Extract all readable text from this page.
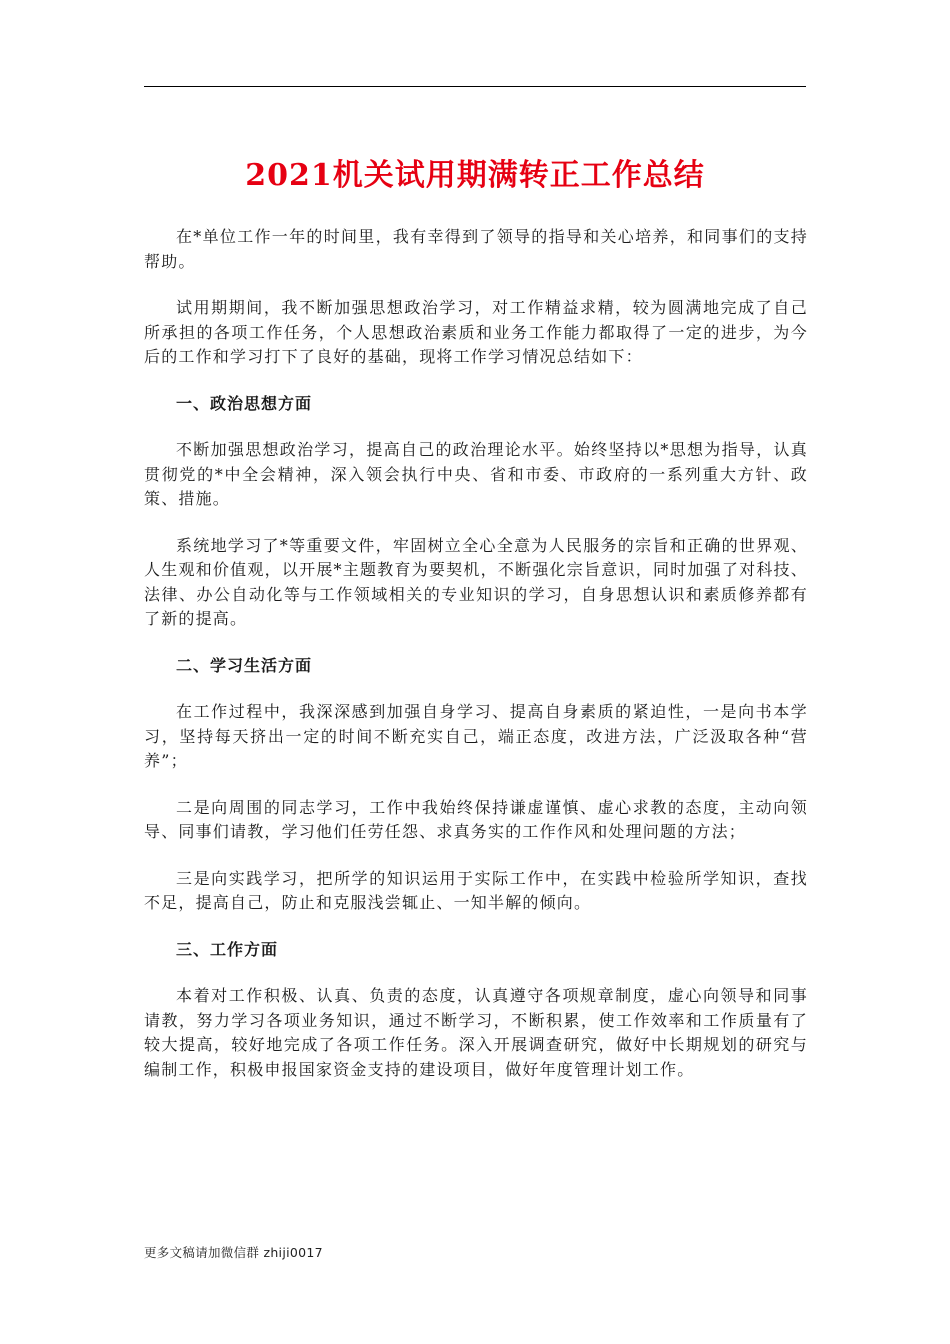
2021机关试用期满转正工作总结

在*单位工作一年的时间里，我有幸得到了领导的指导和关心培养，和同事们的支持帮助。

试用期期间，我不断加强思想政治学习，对工作精益求精，较为圆满地完成了自己所承担的各项工作任务，个人思想政治素质和业务工作能力都取得了一定的进步，为今后的工作和学习打下了良好的基础，现将工作学习情况总结如下：

一、政治思想方面

不断加强思想政治学习，提高自己的政治理论水平。始终坚持以*思想为指导，认真贯彻党的*中全会精神，深入领会执行中央、省和市委、市政府的一系列重大方针、政策、措施。

系统地学习了*等重要文件，牢固树立全心全意为人民服务的宗旨和正确的世界观、人生观和价值观，以开展*主题教育为要契机，不断强化宗旨意识，同时加强了对科技、法律、办公自动化等与工作领域相关的专业知识的学习，自身思想认识和素质修养都有了新的提高。

二、学习生活方面

在工作过程中，我深深感到加强自身学习、提高自身素质的紧迫性，一是向书本学习，坚持每天挤出一定的时间不断充实自己，端正态度，改进方法，广泛汲取各种“营养”；

二是向周围的同志学习，工作中我始终保持谦虚谨慎、虚心求教的态度，主动向领导、同事们请教，学习他们任劳任怨、求真务实的工作作风和处理问题的方法；

三是向实践学习，把所学的知识运用于实际工作中，在实践中检验所学知识，查找不足，提高自己，防止和克服浅尝辄止、一知半解的倾向。

三、工作方面

本着对工作积极、认真、负责的态度，认真遵守各项规章制度，虚心向领导和同事请教，努力学习各项业务知识，通过不断学习，不断积累，使工作效率和工作质量有了较大提高，较好地完成了各项工作任务。深入开展调查研究，做好中长期规划的研究与编制工作，积极申报国家资金支持的建设项目，做好年度管理计划工作。

更多文稿请加微信群 zhiji0017
